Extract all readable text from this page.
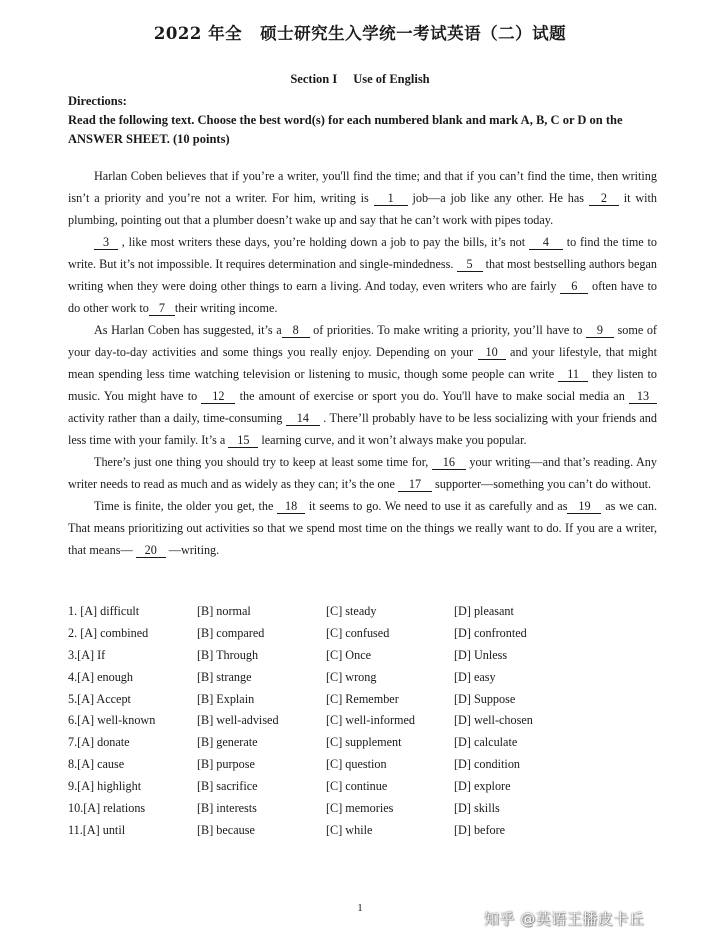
2022 年全 硕士研究生入学统一考试英语（二）试题
Section I Use of English
Directions:
Read the following text. Choose the best word(s) for each numbered blank and mark A, B, C or D on the ANSWER SHEET. (10 points)

Harlan Coben believes that if you’re a writer, you'll find the time; and that if you can’t find the time, then writing isn’t a priority and you’re not a writer. For him, writing is 1 job—a job like any other. He has 2 it with plumbing, pointing out that a plumber doesn’t wake up and say that he can’t work with pipes today.

3 , like most writers these days, you’re holding down a job to pay the bills, it’s not 4 to find the time to write. But it’s not impossible. It requires determination and single-mindedness. 5 that most bestselling authors began writing when they were doing other things to earn a living. And today, even writers who are fairly 6 often have to do other work to 7 their writing income.

As Harlan Coben has suggested, it’s a 8 of priorities. To make writing a priority, you’ll have to 9 some of your day-to-day activities and some things you really enjoy. Depending on your 10 and your lifestyle, that might mean spending less time watching television or listening to music, though some people can write 11 they listen to music. You might have to 12 the amount of exercise or sport you do. You'll have to make social media an 13 activity rather than a daily, time-consuming 14 . There’ll probably have to be less socializing with your friends and less time with your family. It’s a 15 learning curve, and it won’t always make you popular.

There’s just one thing you should try to keep at least some time for, 16 your writing—and that’s reading. Any writer needs to read as much and as widely as they can; it’s the one 17 supporter—something you can’t do without.

Time is finite, the older you get, the 18 it seems to go. We need to use it as carefully and as 19 as we can. That means prioritizing out activities so that we spend most time on the things we really want to do. If you are a writer, that means— 20 —writing.

1. [A] difficult	[B] normal	[C] steady	[D] pleasant
2. [A] combined	[B] compared	[C] confused	[D] confronted
3.[A] If	[B] Through	[C] Once	[D] Unless
4.[A] enough	[B] strange	[C] wrong	[D] easy
5.[A] Accept	[B] Explain	[C] Remember	[D] Suppose
6.[A] well-known	[B] well-advised	[C] well-informed	[D] well-chosen
7.[A] donate	[B] generate	[C] supplement	[D] calculate
8.[A] cause	[B] purpose	[C] question	[D] condition
9.[A] highlight	[B] sacrifice	[C] continue	[D] explore
10.[A] relations	[B] interests	[C] memories	[D] skills
11.[A] until	[B] because	[C] while	[D] before
1
知乎 @英语王播皮卡丘
